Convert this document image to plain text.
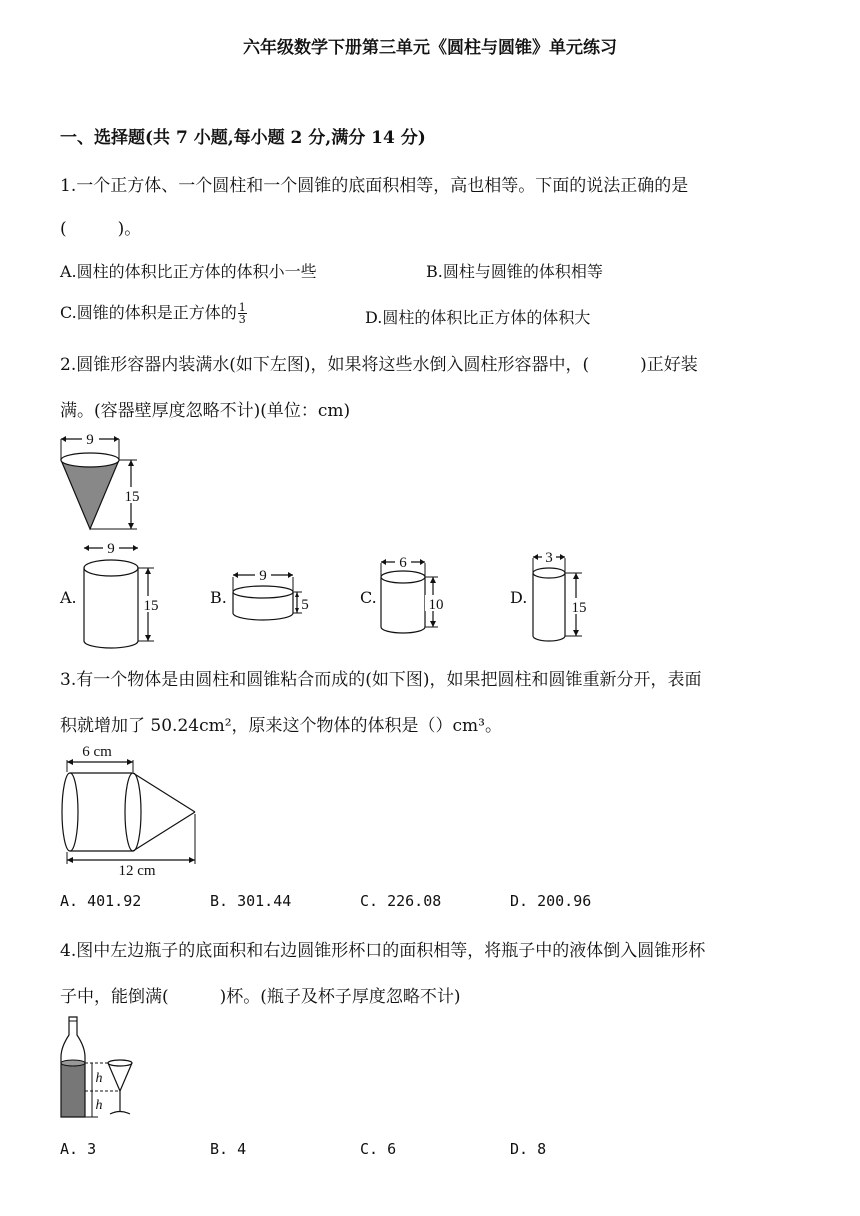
六年级数学下册第三单元《圆柱与圆锥》单元练习
一、选择题(共 7 小题,每小题 2 分,满分 14 分)
1.一个正方体、一个圆柱和一个圆锥的底面积相等，高也相等。下面的说法正确的是
(　　　)。
A.圆柱的体积比正方体的体积小一些	B.圆柱与圆锥的体积相等
C.圆锥的体积是正方体的 $\frac{1}{3}$	D.圆柱的体积比正方体的体积大
2.圆锥形容器内装满水(如下左图)，如果将这些水倒入圆柱形容器中，(　　　)正好装
满。(容器壁厚度忽略不计)(单位：cm)
9
15
A.
9
15	B.
9
5	C.
6
10	D.
3
15
3.有一个物体是由圆柱和圆锥粘合而成的(如下图)，如果把圆柱和圆锥重新分开，表面
积就增加了 50.24cm²，原来这个物体的体积是（）cm³。
6 cm
12 cm
A. 401.92	B. 301.44	C. 226.08	D. 200.96
4.图中左边瓶子的底面积和右边圆锥形杯口的面积相等，将瓶子中的液体倒入圆锥形杯
子中，能倒满(　　　)杯。(瓶子及杯子厚度忽略不计)
h
h
A. 3	B. 4	C. 6	D. 8
